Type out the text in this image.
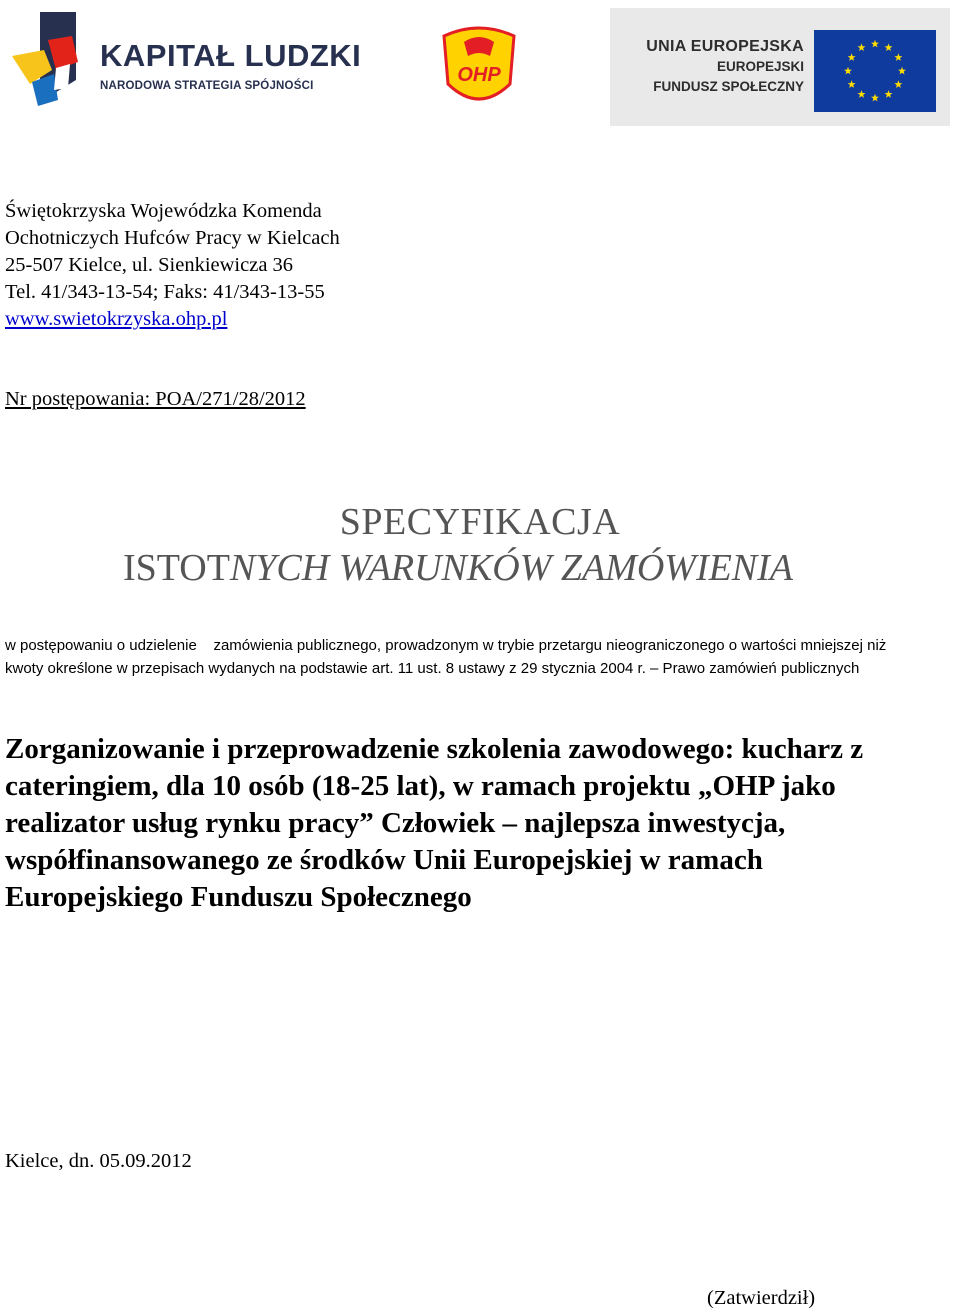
KAPITAŁ LUDZKI
NARODOWA STRATEGIA SPÓJNOŚCI	OHP
UNIA EUROPEJSKA
EUROPEJSKI
FUNDUSZ SPOŁECZNY
Świętokrzyska Wojewódzka Komenda
Ochotniczych Hufców Pracy w Kielcach
25-507 Kielce, ul. Sienkiewicza 36
Tel. 41/343-13-54; Faks: 41/343-13-55
www.swietokrzyska.ohp.pl
Nr postępowania: POA/271/28/2012
SPECYFIKACJA
ISTOTNYCH WARUNKÓW ZAMÓWIENIA
w postępowaniu o udzielenie    zamówienia publicznego, prowadzonym w trybie przetargu nieograniczonego o wartości mniejszej niż kwoty określone w przepisach wydanych na podstawie art. 11 ust. 8 ustawy z 29 stycznia 2004 r. – Prawo zamówień publicznych
Zorganizowanie i przeprowadzenie szkolenia zawodowego: kucharz z cateringiem, dla 10 osób (18-25 lat), w ramach projektu „OHP jako realizator usług rynku pracy” Człowiek – najlepsza inwestycja, współfinansowanego ze środków Unii Europejskiej w ramach Europejskiego Funduszu Społecznego
Kielce, dn. 05.09.2012
(Zatwierdził)
